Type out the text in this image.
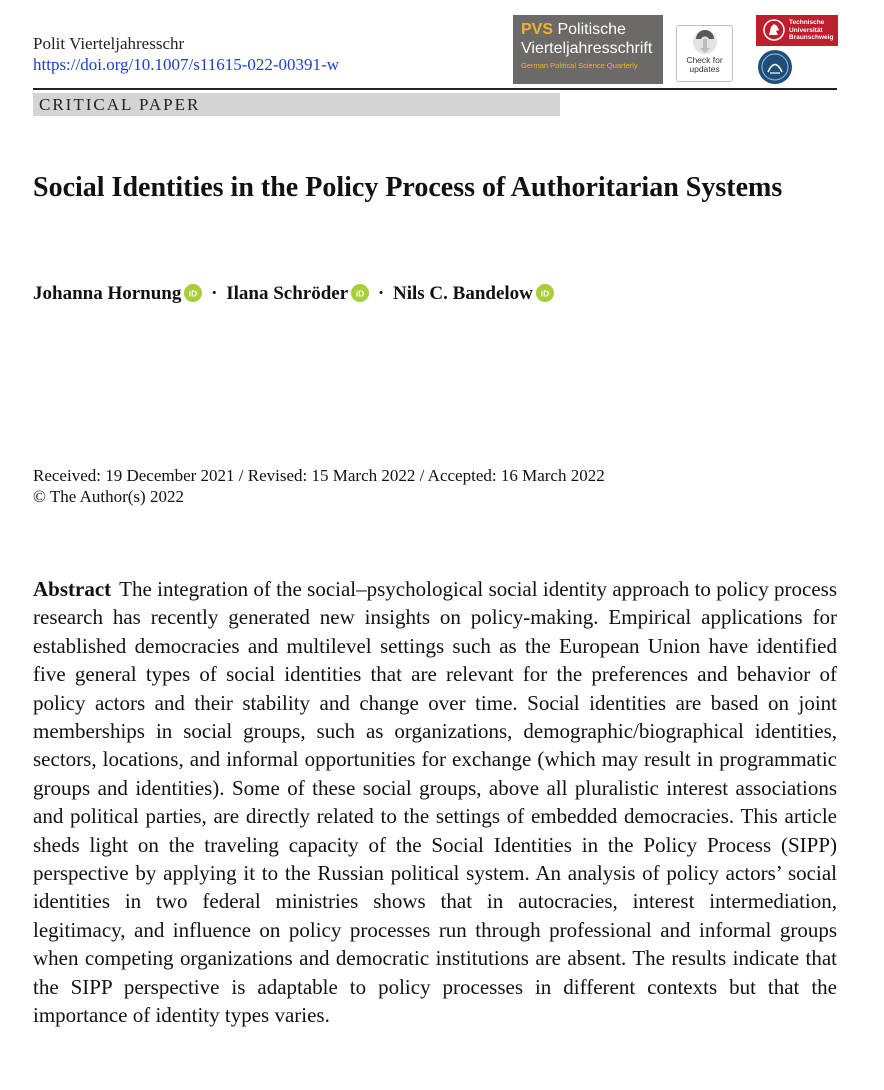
Polit Vierteljahresschr
https://doi.org/10.1007/s11615-022-00391-w
PVS Politische
Vierteljahresschrift
German Political Science Quarterly
Check for updates
Technische
Universität
Braunschweig
CRITICAL PAPER
Social Identities in the Policy Process of Authoritarian Systems
Johanna Hornung iD · Ilana Schröder iD · Nils C. Bandelow iD
Received: 19 December 2021 / Revised: 15 March 2022 / Accepted: 16 March 2022
© The Author(s) 2022

Abstract The integration of the social–psychological social identity approach to policy process research has recently generated new insights on policy-making. Empirical applications for established democracies and multilevel settings such as the European Union have identified five general types of social identities that are relevant for the preferences and behavior of policy actors and their stability and change over time. Social identities are based on joint memberships in social groups, such as organizations, demographic/biographical identities, sectors, locations, and informal opportunities for exchange (which may result in programmatic groups and identities). Some of these social groups, above all pluralistic interest associations and political parties, are directly related to the settings of embedded democracies. This article sheds light on the traveling capacity of the Social Identities in the Policy Process (SIPP) perspective by applying it to the Russian political system. An analysis of policy actors’ social identities in two federal ministries shows that in autocracies, interest intermediation, legitimacy, and influence on policy processes run through professional and informal groups when competing organizations and democratic institutions are absent. The results indicate that the SIPP perspective is adaptable to policy processes in different contexts but that the importance of identity types varies.
